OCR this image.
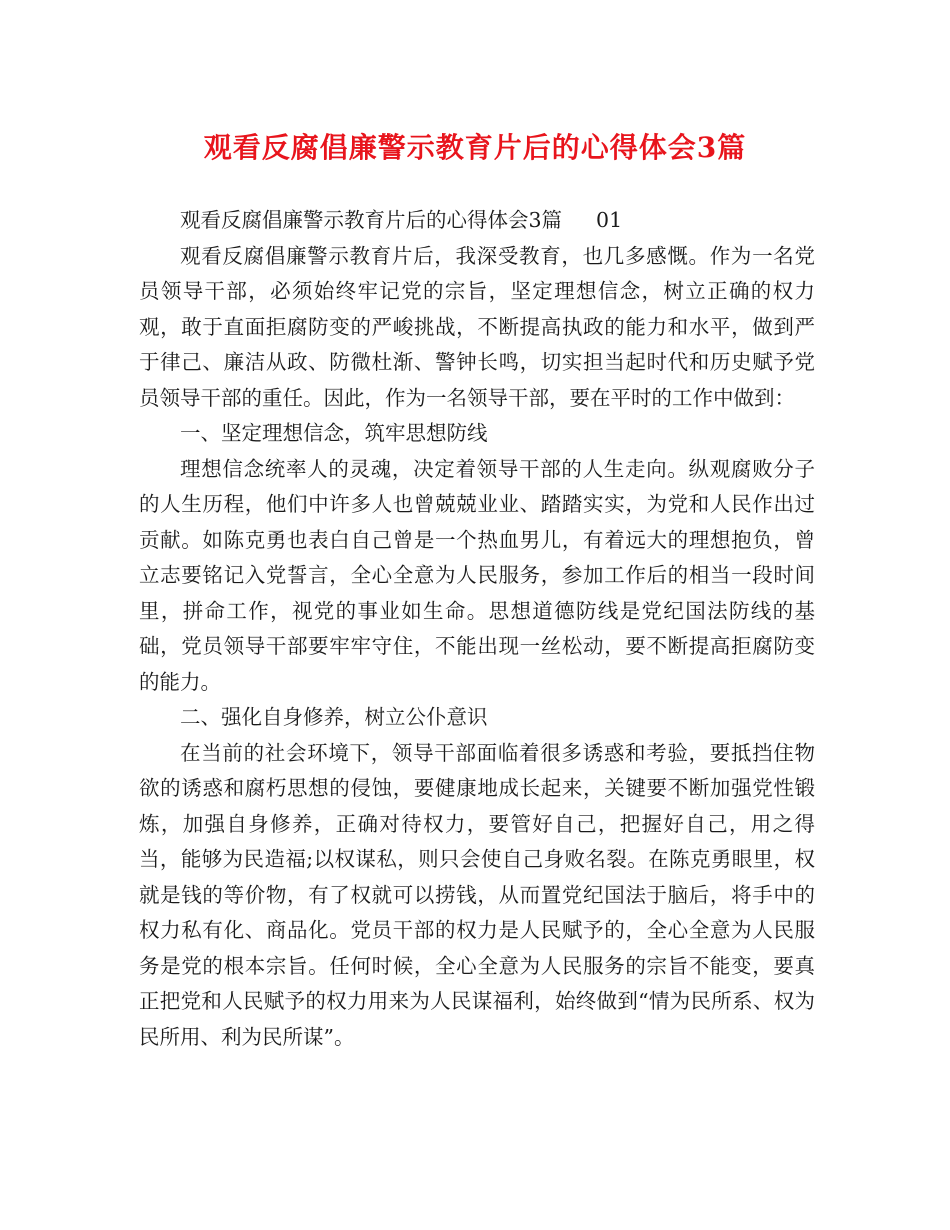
观看反腐倡廉警示教育片后的心得体会3篇
观看反腐倡廉警示教育片后的心得体会3篇 01

观看反腐倡廉警示教育片后，我深受教育，也几多感慨。作为一名党员领导干部，必须始终牢记党的宗旨，坚定理想信念，树立正确的权力观，敢于直面拒腐防变的严峻挑战，不断提高执政的能力和水平，做到严于律己、廉洁从政、防微杜渐、警钟长鸣，切实担当起时代和历史赋予党员领导干部的重任。因此，作为一名领导干部，要在平时的工作中做到：

一、坚定理想信念，筑牢思想防线

理想信念统率人的灵魂，决定着领导干部的人生走向。纵观腐败分子的人生历程，他们中许多人也曾兢兢业业、踏踏实实，为党和人民作出过贡献。如陈克勇也表白自己曾是一个热血男儿，有着远大的理想抱负，曾立志要铭记入党誓言，全心全意为人民服务，参加工作后的相当一段时间里，拼命工作，视党的事业如生命。思想道德防线是党纪国法防线的基础，党员领导干部要牢牢守住，不能出现一丝松动，要不断提高拒腐防变的能力。

二、强化自身修养，树立公仆意识

在当前的社会环境下，领导干部面临着很多诱惑和考验，要抵挡住物欲的诱惑和腐朽思想的侵蚀，要健康地成长起来，关键要不断加强党性锻炼，加强自身修养，正确对待权力，要管好自己，把握好自己，用之得当，能够为民造福;以权谋私，则只会使自己身败名裂。在陈克勇眼里，权就是钱的等价物，有了权就可以捞钱，从而置党纪国法于脑后，将手中的权力私有化、商品化。党员干部的权力是人民赋予的，全心全意为人民服务是党的根本宗旨。任何时候，全心全意为人民服务的宗旨不能变，要真正把党和人民赋予的权力用来为人民谋福利，始终做到“情为民所系、权为民所用、利为民所谋”。
